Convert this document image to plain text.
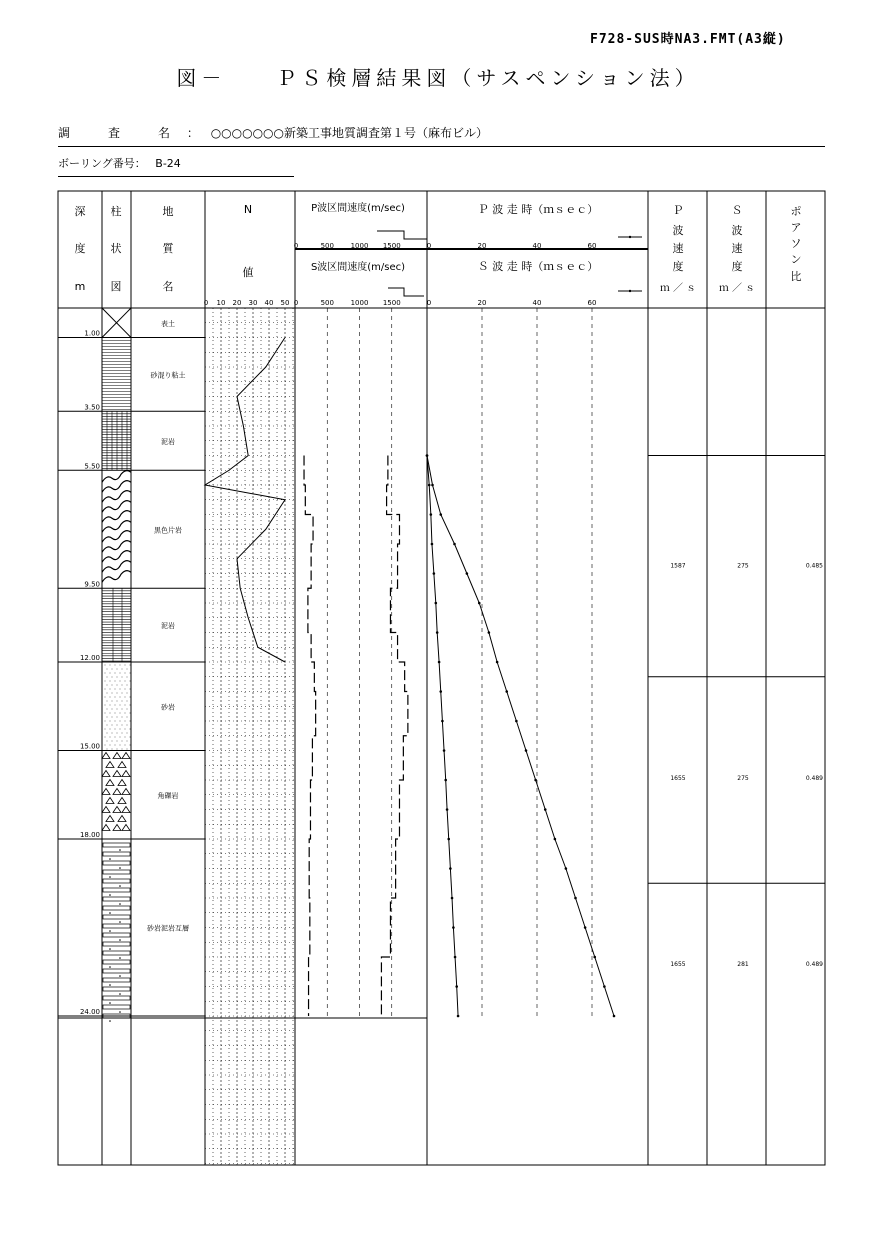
F728-SUS時NA3.FMT(A3縦)
図－　　ＰＳ検層結果図（サスペンション法）
調　査　名 ： ○○○○○○○新築工事地質調査第１号（麻布ビル）
ボーリング番号： B-24
深
度
m
柱
状
図
地
質
名
N
値
P波区間速度(m/sec)
S波区間速度(m/sec)
Ｐ 波 走 時（ｍｓｅｃ）
Ｓ 波 走 時（ｍｓｅｃ）
Ｐ
波
速
度
ｍ ／ ｓ
Ｓ
波
速
度
ｍ ／ ｓ
ポ
ア
ソ
ン
比
0 10 20 30 40 50
0
0
500
500
1000
1000
1500
1500
0
0
20
20
40
40
60
60
1.00
表土
3.50
砂混り粘土
5.50
泥岩
9.50
黒色片岩
12.00
泥岩
15.00
砂岩
18.00
角礫岩
24.00
砂岩泥岩互層
1587	275	0.485
1655	275	0.489
1655	281	0.489
